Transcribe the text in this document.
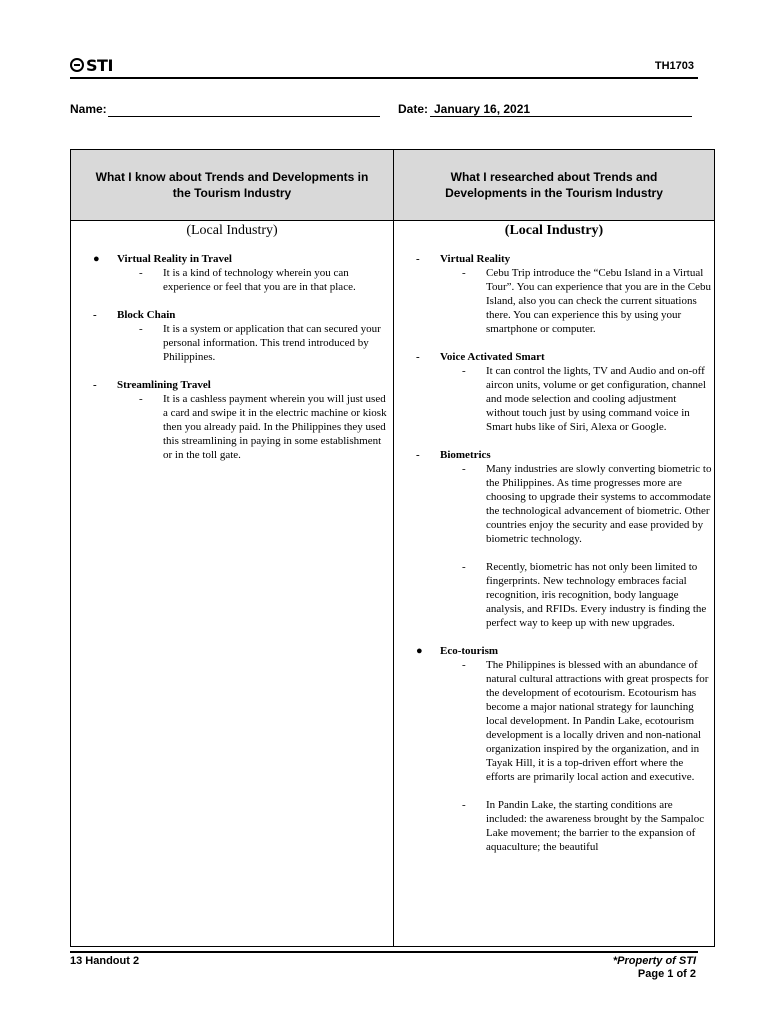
STI	TH1703
Name:	Date: January 16, 2021
What I know about Trends and Developments in the Tourism Industry
What I researched about Trends and Developments in the Tourism Industry
(Local Industry)
●	Virtual Reality in Travel
-	It is a kind of technology wherein you can experience or feel that you are in that place.
-	Block Chain
-	It is a system or application that can secured your personal information. This trend introduced by Philippines.
-	Streamlining Travel
-	It is a cashless payment wherein you will just used a card and swipe it in the electric machine or kiosk then you already paid. In the Philippines they used this streamlining in paying in some establishment or in the toll gate.
(Local Industry)
-	Virtual Reality
-	Cebu Trip introduce the “Cebu Island in a Virtual Tour”. You can experience that you are in the Cebu Island, also you can check the current situations there. You can experience this by using your smartphone or computer.
-	Voice Activated Smart
-	It can control the lights, TV and Audio and on-off aircon units, volume or get configuration, channel and mode selection and cooling adjustment without touch just by using command voice in Smart hubs like of Siri, Alexa or Google.
-	Biometrics
-	Many industries are slowly converting biometric to the Philippines. As time progresses more are choosing to upgrade their systems to accommodate the technological advancement of biometric. Other countries enjoy the security and ease provided by biometric technology.
-	Recently, biometric has not only been limited to fingerprints. New technology embraces facial recognition, iris recognition, body language analysis, and RFIDs. Every industry is finding the perfect way to keep up with new upgrades.
●	Eco-tourism
-	The Philippines is blessed with an abundance of natural cultural attractions with great prospects for the development of ecotourism. Ecotourism has become a major national strategy for launching local development. In Pandin Lake, ecotourism development is a locally driven and non-national organization inspired by the organization, and in Tayak Hill, it is a top-driven effort where the efforts are primarily local action and executive.
-	In Pandin Lake, the starting conditions are included: the awareness brought by the Sampaloc Lake movement; the barrier to the expansion of aquaculture; the beautiful
13 Handout 2	*Property of STI
Page 1 of 2
